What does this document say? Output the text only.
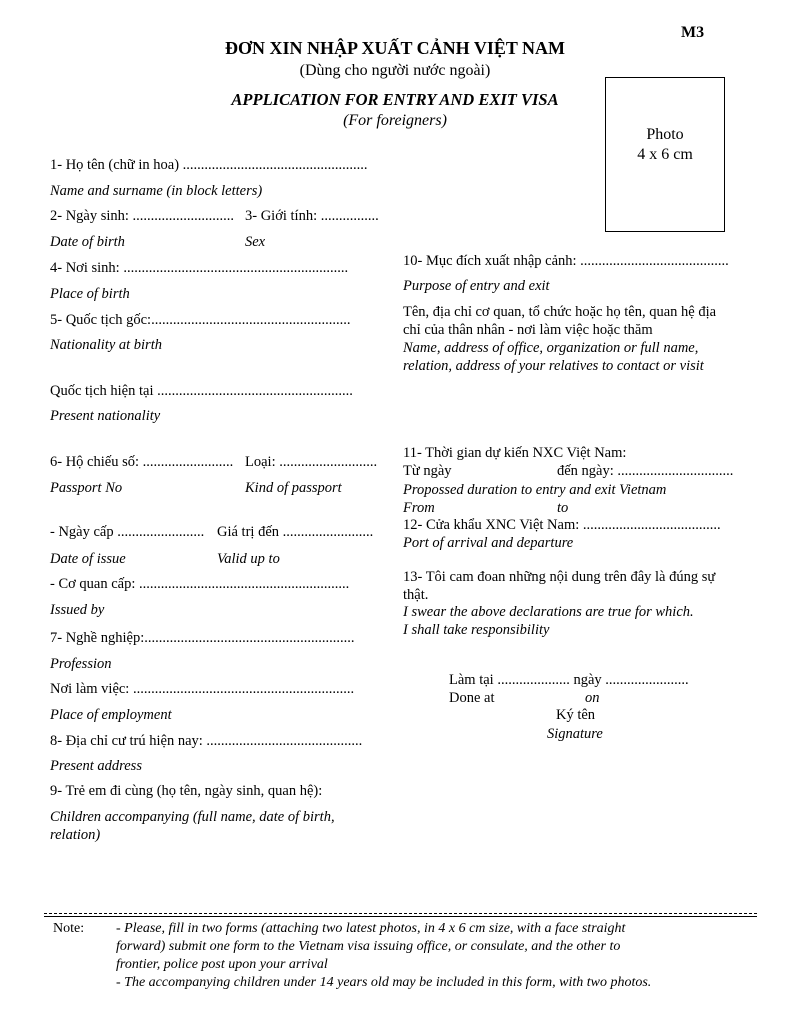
M3
ĐƠN XIN NHẬP XUẤT CẢNH VIỆT NAM
(Dùng cho người nước ngoài)
APPLICATION FOR ENTRY AND EXIT VISA
(For foreigners)
Photo
4 x 6 cm
1- Họ tên (chữ in hoa) ...................................................
Name and surname (in block letters)
2- Ngày sinh: ............................ 3- Giới tính: ................
Date of birth	Sex
4- Nơi sinh: ..............................................................
Place of birth
5- Quốc tịch gốc:.......................................................
Nationality at birth
Quốc tịch hiện tại ......................................................
Present nationality
6- Hộ chiếu số: ......................... Loại: ...........................
Passport No	Kind of passport
- Ngày cấp ........................ Giá trị đến .........................
Date of issue	Valid up to
- Cơ quan cấp: ..........................................................
Issued by
7- Nghề nghiệp:..........................................................
Profession
Nơi làm việc: .............................................................
Place of employment
8- Địa chỉ cư trú hiện nay: ...........................................
Present address
9- Trẻ em đi cùng (họ tên, ngày sinh, quan hệ):
Children accompanying (full name, date of birth,
relation)
10- Mục đích xuất nhập cảnh: .........................................
Purpose of entry and exit
Tên, địa chỉ cơ quan, tổ chức hoặc họ tên, quan hệ địa
chỉ của thân nhân - nơi làm việc hoặc thăm
Name, address of office, organization or full name,
relation, address of your relatives to contact or visit
11- Thời gian dự kiến NXC Việt Nam:
Từ ngày	đến ngày: ................................
Propossed duration to entry and exit Vietnam
From	to
12- Cửa khẩu XNC Việt Nam: ......................................
Port of arrival and departure
13- Tôi cam đoan những nội dung trên đây là đúng sự
thật.
I swear the above declarations are true for which.
I shall take responsibility
Làm tại .................... ngày .......................
Done at	on
Ký tên
Signature
Note: - Please, fill in two forms (attaching two latest photos, in 4 x 6 cm size, with a face straight
forward) submit one form to the Vietnam visa issuing office, or consulate, and the other to
frontier, police post upon your arrival
- The accompanying children under 14 years old may be included in this form, with two photos.
